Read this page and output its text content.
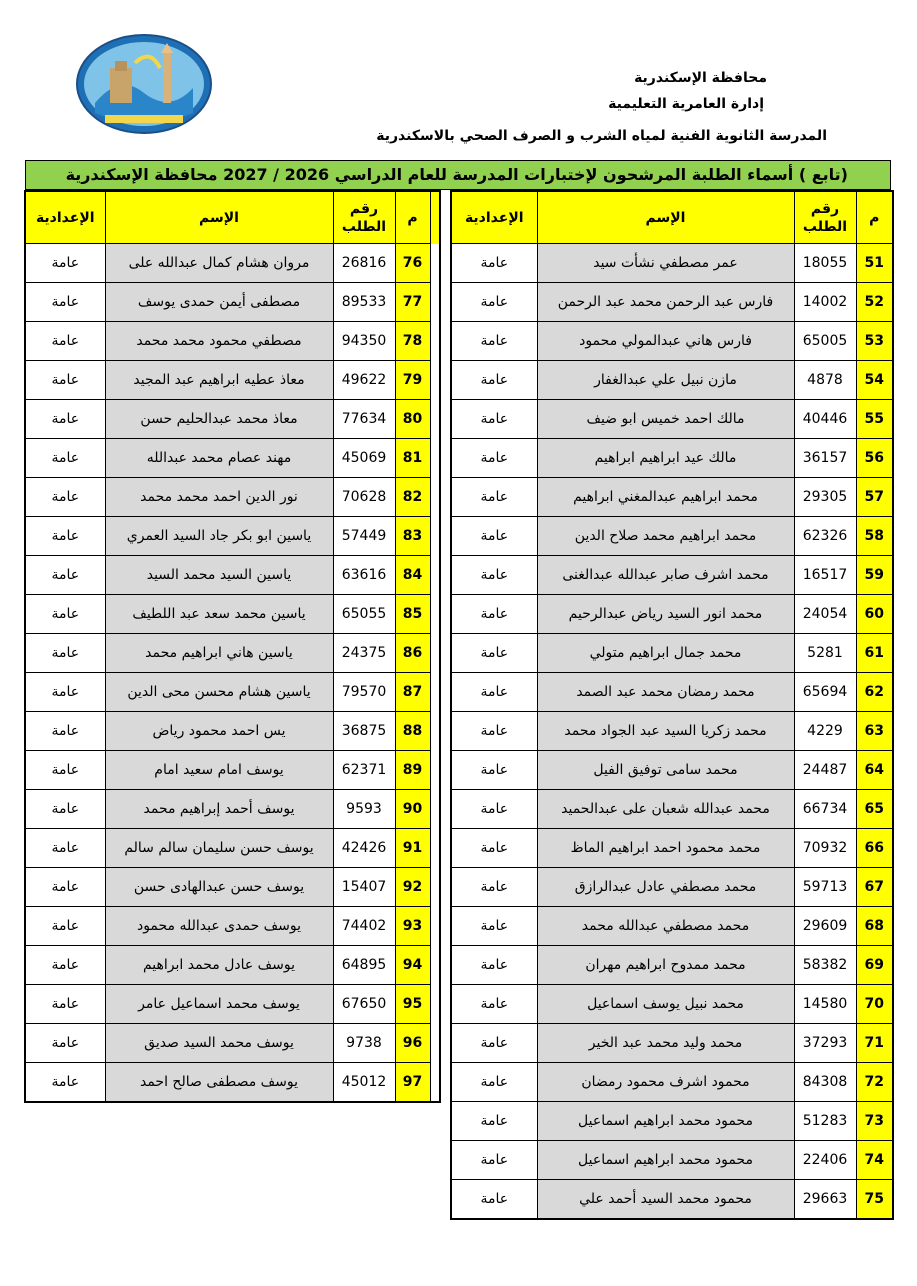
محافظة الإسكندرية
إدارة العامرية التعليمية
المدرسة الثانوية الفنية لمياه الشرب و الصرف الصحي بالاسكندرية
(تابع ) أسماء الطلبة المرشحون لإختبارات المدرسة للعام الدراسي 2026 / 2027 محافظة الإسكندرية
الإعدادية	الإسم	رقم
الطلب	م	
عامة	مروان هشام كمال عبدالله على	26816	76	
عامة	مصطفى أيمن حمدى يوسف	89533	77	
عامة	مصطفي محمود محمد محمد	94350	78	
عامة	معاذ عطيه ابراهيم عبد المجيد	49622	79	
عامة	معاذ محمد عبدالحليم حسن	77634	80	
عامة	مهند عصام محمد عبدالله	45069	81	
عامة	نور الدين احمد محمد محمد	70628	82	
عامة	ياسين ابو بكر جاد السيد العمري	57449	83	
عامة	ياسين السيد محمد السيد	63616	84	
عامة	ياسين محمد سعد عبد اللطيف	65055	85	
عامة	ياسين هاني ابراهيم محمد	24375	86	
عامة	ياسين هشام محسن محى الدين	79570	87	
عامة	يس احمد محمود رياض	36875	88	
عامة	يوسف امام سعيد امام	62371	89	
عامة	يوسف أحمد إبراهيم محمد	9593	90	
عامة	يوسف حسن سليمان سالم سالم	42426	91	
عامة	يوسف حسن عبدالهادى حسن	15407	92	
عامة	يوسف حمدى عبدالله محمود	74402	93	
عامة	يوسف عادل محمد ابراهيم	64895	94	
عامة	يوسف محمد اسماعيل عامر	67650	95	
عامة	يوسف محمد السيد صديق	9738	96	
عامة	يوسف مصطفى صالح احمد	45012	97	
الإعدادية	الإسم	رقم
الطلب	م
عامة	عمر مصطفي نشأت سيد	18055	51
عامة	فارس عبد الرحمن محمد عبد الرحمن	14002	52
عامة	فارس هاني عبدالمولي محمود	65005	53
عامة	مازن نبيل علي عبدالغفار	4878	54
عامة	مالك احمد خميس ابو ضيف	40446	55
عامة	مالك عيد ابراهيم ابراهيم	36157	56
عامة	محمد ابراهيم عبدالمغني ابراهيم	29305	57
عامة	محمد ابراهيم محمد صلاح الدين	62326	58
عامة	محمد اشرف صابر عبدالله عبدالغنى	16517	59
عامة	محمد انور السيد رياض عبدالرحيم	24054	60
عامة	محمد جمال ابراهيم متولي	5281	61
عامة	محمد رمضان محمد عبد الصمد	65694	62
عامة	محمد زكريا السيد عبد الجواد محمد	4229	63
عامة	محمد سامى توفيق الفيل	24487	64
عامة	محمد عبدالله شعبان على عبدالحميد	66734	65
عامة	محمد محمود احمد ابراهيم الماظ	70932	66
عامة	محمد مصطفي عادل عبدالرازق	59713	67
عامة	محمد مصطفي عبدالله محمد	29609	68
عامة	محمد ممدوح ابراهيم مهران	58382	69
عامة	محمد نبيل يوسف اسماعيل	14580	70
عامة	محمد وليد محمد عبد الخير	37293	71
عامة	محمود اشرف محمود رمضان	84308	72
عامة	محمود محمد ابراهيم اسماعيل	51283	73
عامة	محمود محمد ابراهيم اسماعيل	22406	74
عامة	محمود محمد السيد أحمد علي	29663	75
